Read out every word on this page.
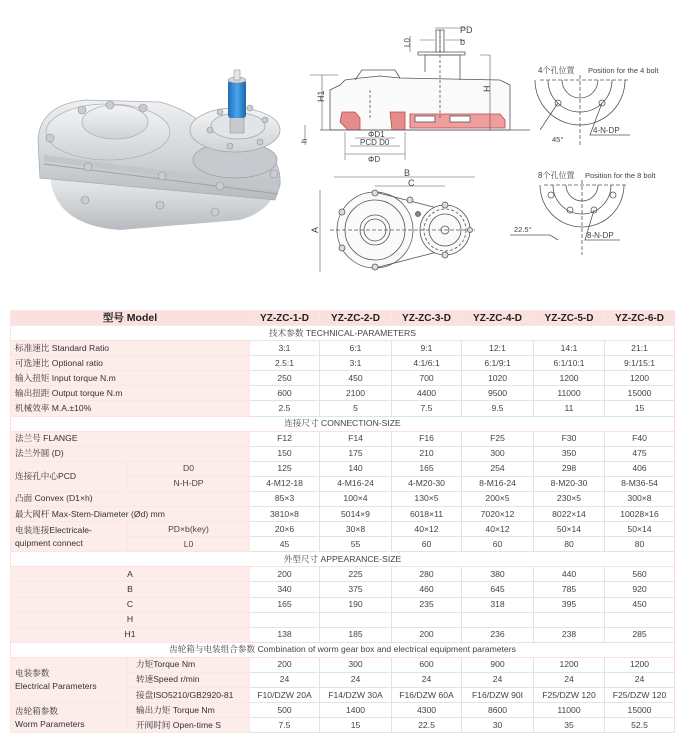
PD
b
L0
H
H1
h
ΦD1
PCD D0
ΦD
B
C
A
4个孔位置 Position for the 4 bolt
45°
4-N-DP
8个孔位置 Position for the 8 bolt
22.5°
8-N-DP
型号 Model		YZ-ZC-1-D	YZ-ZC-2-D	YZ-ZC-3-D	YZ-ZC-4-D	YZ-ZC-5-D	YZ-ZC-6-D
技术参数 TECHNICAL-PARAMETERS							
标准速比 Standard Ratio		3:1	6:1	9:1	12:1	14:1	21:1
可选速比 Optional ratio		2.5:1	3:1	4:1/6:1	6:1/9:1	6:1/10:1	9:1/15:1
输入扭矩 Input torque N.m		250	450	700	1020	1200	1200
输出扭距 Output torque N.m		600	2100	4400	9500	11000	15000
机械效率 M.A.±10%		2.5	5	7.5	9.5	11	15
连接尺寸 CONNECTION-SIZE							
法兰号 FLANGE		F12	F14	F16	F25	F30	F40
法兰外圆 (D)		150	175	210	300	350	475
连接孔中心PCD	D0	125	140	165	254	298	406
	N-H-DP	4-M12-18	4-M16-24	4-M20-30	8-M16-24	8-M20-30	8-M36-54
凸面 Convex (D1×h)		85×3	100×4	130×5	200×5	230×5	300×8
最大阀杆 Max-Stem-Diameter (Ød) mm		3810×8	5014×9	6018×11	7020×12	8022×14	10028×16

电装连接Electricale-
quipment connect	PD×b(key)	20×6	30×8	40×12	40×12	50×14	50×14
	L0	45	55	60	60	80	80
外型尺寸 APPEARANCE-SIZE							
A		200	225	280	380	440	560
B		340	375	460	645	785	920
C		165	190	235	318	395	450
H							
H1		138	185	200	236	238	285
齿轮箱与电装组合参数 Combination of worm gear box and electrical equipment parameters							

电装参数
Electrical Parameters	力矩Torque Nm	200	300	600	900	1200	1200
	转速Speed r/min	24	24	24	24	24	24
	接盘ISO5210/GB2920-81	F10/DZW 20A	F14/DZW 30A	F16/DZW 60A	F16/DZW 90I	F25/DZW 120	F25/DZW 120

齿轮箱参数
Worm Parameters	输出力矩 Torque Nm	500	1400	4300	8600	11000	15000
	开阀时间 Open-time S	7.5	15	22.5	30	35	52.5
